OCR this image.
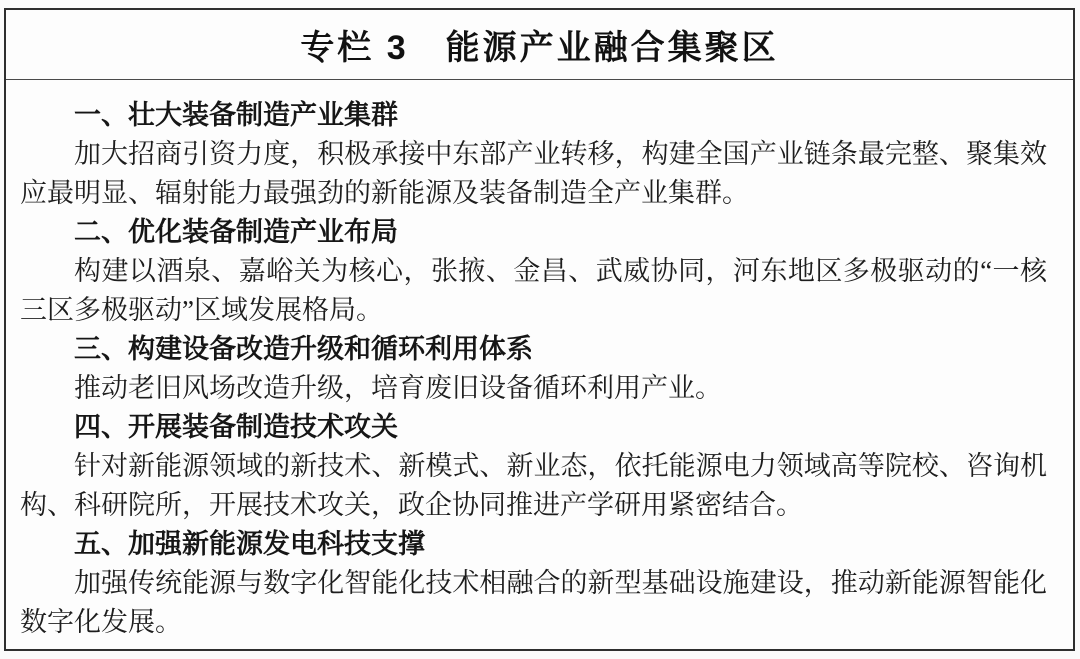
专栏 3　能源产业融合集聚区
一、壮大装备制造产业集群

加大招商引资力度，积极承接中东部产业转移，构建全国产业链条最完整、聚集效应最明显、辐射能力最强劲的新能源及装备制造全产业集群。

二、优化装备制造产业布局

构建以酒泉、嘉峪关为核心，张掖、金昌、武威协同，河东地区多极驱动的“一核三区多极驱动”区域发展格局。

三、构建设备改造升级和循环利用体系

推动老旧风场改造升级，培育废旧设备循环利用产业。

四、开展装备制造技术攻关

针对新能源领域的新技术、新模式、新业态，依托能源电力领域高等院校、咨询机构、科研院所，开展技术攻关，政企协同推进产学研用紧密结合。

五、加强新能源发电科技支撑

加强传统能源与数字化智能化技术相融合的新型基础设施建设，推动新能源智能化数字化发展。
